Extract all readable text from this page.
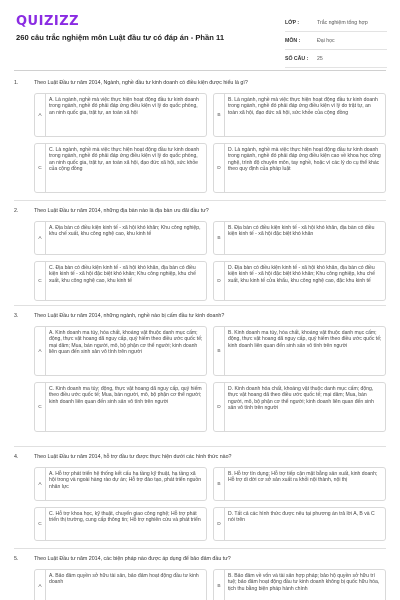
QUIZIZZ
260 câu trắc nghiệm môn Luật đầu tư có đáp án - Phần 11
LỚP :	Trắc nghiệm tổng hợp
MÔN :	Đại học
SỐ CÂU :	25
1.	Theo Luật Đầu tư năm 2014, Ngành, nghề đầu tư kinh doanh có điều kiện được hiểu là gì?
A
A. Là ngành, nghề mà việc thực hiện hoạt động đầu tư kinh doanh trong ngành, nghề đó phải đáp ứng điều kiện vì lý do quốc phòng, an ninh quốc gia, trật tự, an toàn xã hội	B
B. Là ngành, nghề mà việc thực hiện hoạt động đầu tư kinh doanh trong ngành, nghề đó phải đáp ứng điều kiện vì lý do trật tự, an toàn xã hội, đạo đức xã hội, sức khỏe của cộng đồng
C
C. Là ngành, nghề mà việc thực hiện hoạt động đầu tư kinh doanh trong ngành, nghề đó phải đáp ứng điều kiện vì lý do quốc phòng, an ninh quốc gia, trật tự, an toàn xã hội, đạo đức xã hội, sức khỏe của cộng đồng	D
D. Là ngành, nghề mà việc thực hiện hoạt động đầu tư kinh doanh trong ngành, nghề đó phải đáp ứng điều kiện cao về khoa học công nghệ, trình độ chuyên môn, tay nghề, hoặc vì các lý do cụ thể khác theo quy định của pháp luật
2.	Theo Luật Đầu tư năm 2014, những địa bàn nào là địa bàn ưu đãi đầu tư?
A
A. Địa bàn có điều kiện kinh tế - xã hội khó khăn; Khu công nghiệp, khu chế xuất, khu công nghệ cao, khu kinh tế
B
B. Địa bàn có điều kiện kinh tế - xã hội khó khăn, địa bàn có điều kiện kinh tế - xã hội đặc biệt khó khăn
C
C. Địa bàn có điều kiện kinh tế - xã hội khó khăn, địa bàn có điều kiện kinh tế - xã hội đặc biệt khó khăn; Khu công nghiệp, khu chế xuất, khu công nghệ cao, khu kinh tế	D
D. Địa bàn có điều kiện kinh tế - xã hội khó khăn, địa bàn có điều kiện kinh tế - xã hội đặc biệt khó khăn; Khu công nghiệp, khu chế xuất, khu kinh tế cửa khẩu, khu công nghệ cao, đặc khu kinh tế
3.	Theo Luật Đầu tư năm 2014, những ngành, nghề nào bị cấm đầu tư kinh doanh?
A
A. Kinh doanh ma túy, hóa chất, khoáng vật thuộc danh mục cấm; động, thực vật hoang dã nguy cấp, quý hiếm theo điều ước quốc tế; mại dâm; Mua, bán người, mô, bộ phận cơ thể người; kinh doanh liên quan đến sinh sản vô tính trên người	B
B. Kinh doanh ma túy, hóa chất, khoáng vật thuộc danh mục cấm; động, thực vật hoang dã nguy cấp, quý hiếm theo điều ước quốc tế; kinh doanh liên quan đến sinh sản vô tính trên người
C
C. Kinh doanh ma túy; động, thực vật hoang dã nguy cấp, quý hiếm theo điều ước quốc tế; Mua, bán người, mô, bộ phận cơ thể người; kinh doanh liên quan đến sinh sản vô tính trên người
D
D. Kinh doanh hóa chất, khoáng vật thuộc danh mục cấm; động, thực vật hoang dã theo điều ước quốc tế; mại dâm; Mua, bán người, mô, bộ phận cơ thể người; kinh doanh liên quan đến sinh sản vô tính trên người
4.	Theo Luật Đầu tư năm 2014, hỗ trợ đầu tư được thực hiện dưới các hình thức nào?
A
A. Hỗ trợ phát triển hệ thống kết cấu hạ tầng kỹ thuật, hạ tầng xã hội trong và ngoài hàng rào dự án; Hỗ trợ đào tạo, phát triển nguồn nhân lực	B
B. Hỗ trợ tín dụng; Hỗ trợ tiếp cận mặt bằng sản xuất, kinh doanh; Hỗ trợ di dời cơ sở sản xuất ra khỏi nội thành, nội thị
C
C. Hỗ trợ khoa học, kỹ thuật, chuyển giao công nghệ; Hỗ trợ phát triển thị trường, cung cấp thông tin; Hỗ trợ nghiên cứu và phát triển
D
D. Tất cả các hình thức được nêu tại phương án trả lời A, B và C nói trên
5.	Theo Luật Đầu tư năm 2014, các biện pháp nào được áp dụng để bảo đảm đầu tư?
A
A. Bảo đảm quyền sở hữu tài sản, bảo đảm hoạt động đầu tư kinh doanh
B
B. Bảo đảm về vốn và tài sản hợp pháp; bảo hộ quyền sở hữu trí tuệ; bảo đảm hoạt động đầu tư kinh doanh không bị quốc hữu hóa, tịch thu bằng biện pháp hành chính
